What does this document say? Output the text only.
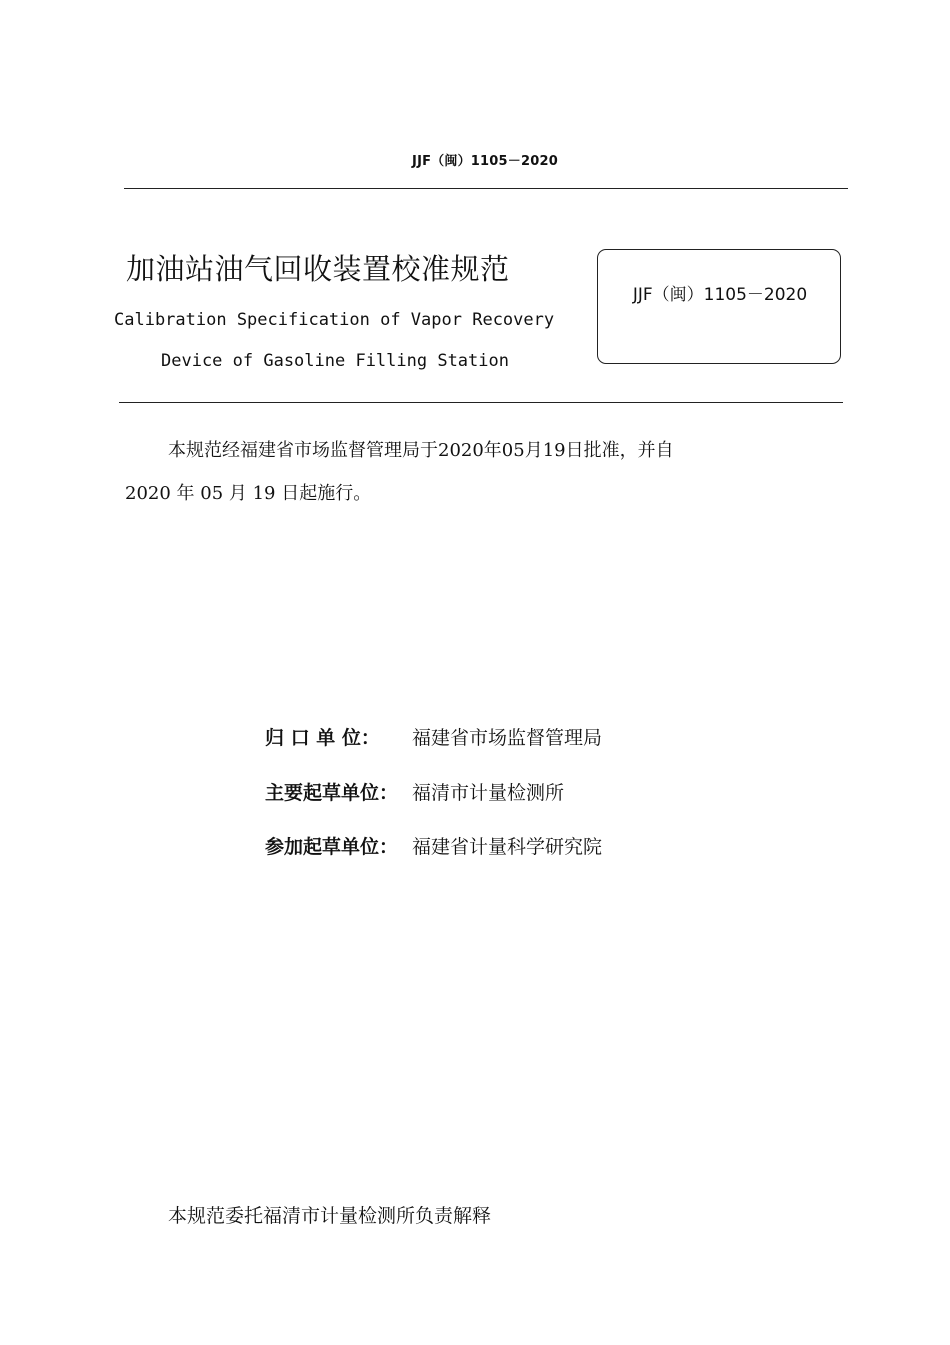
JJF（闽）1105－2020
加油站油气回收装置校准规范
Calibration Specification of Vapor Recovery
Device of Gasoline Filling Station
JJF（闽）1105－2020
本规范经福建省市场监督管理局于2020年05月19日批准，并自
2020 年 05 月 19 日起施行。
归 口 单 位： 福建省市场监督管理局
主要起草单位： 福清市计量检测所
参加起草单位： 福建省计量科学研究院
本规范委托福清市计量检测所负责解释
